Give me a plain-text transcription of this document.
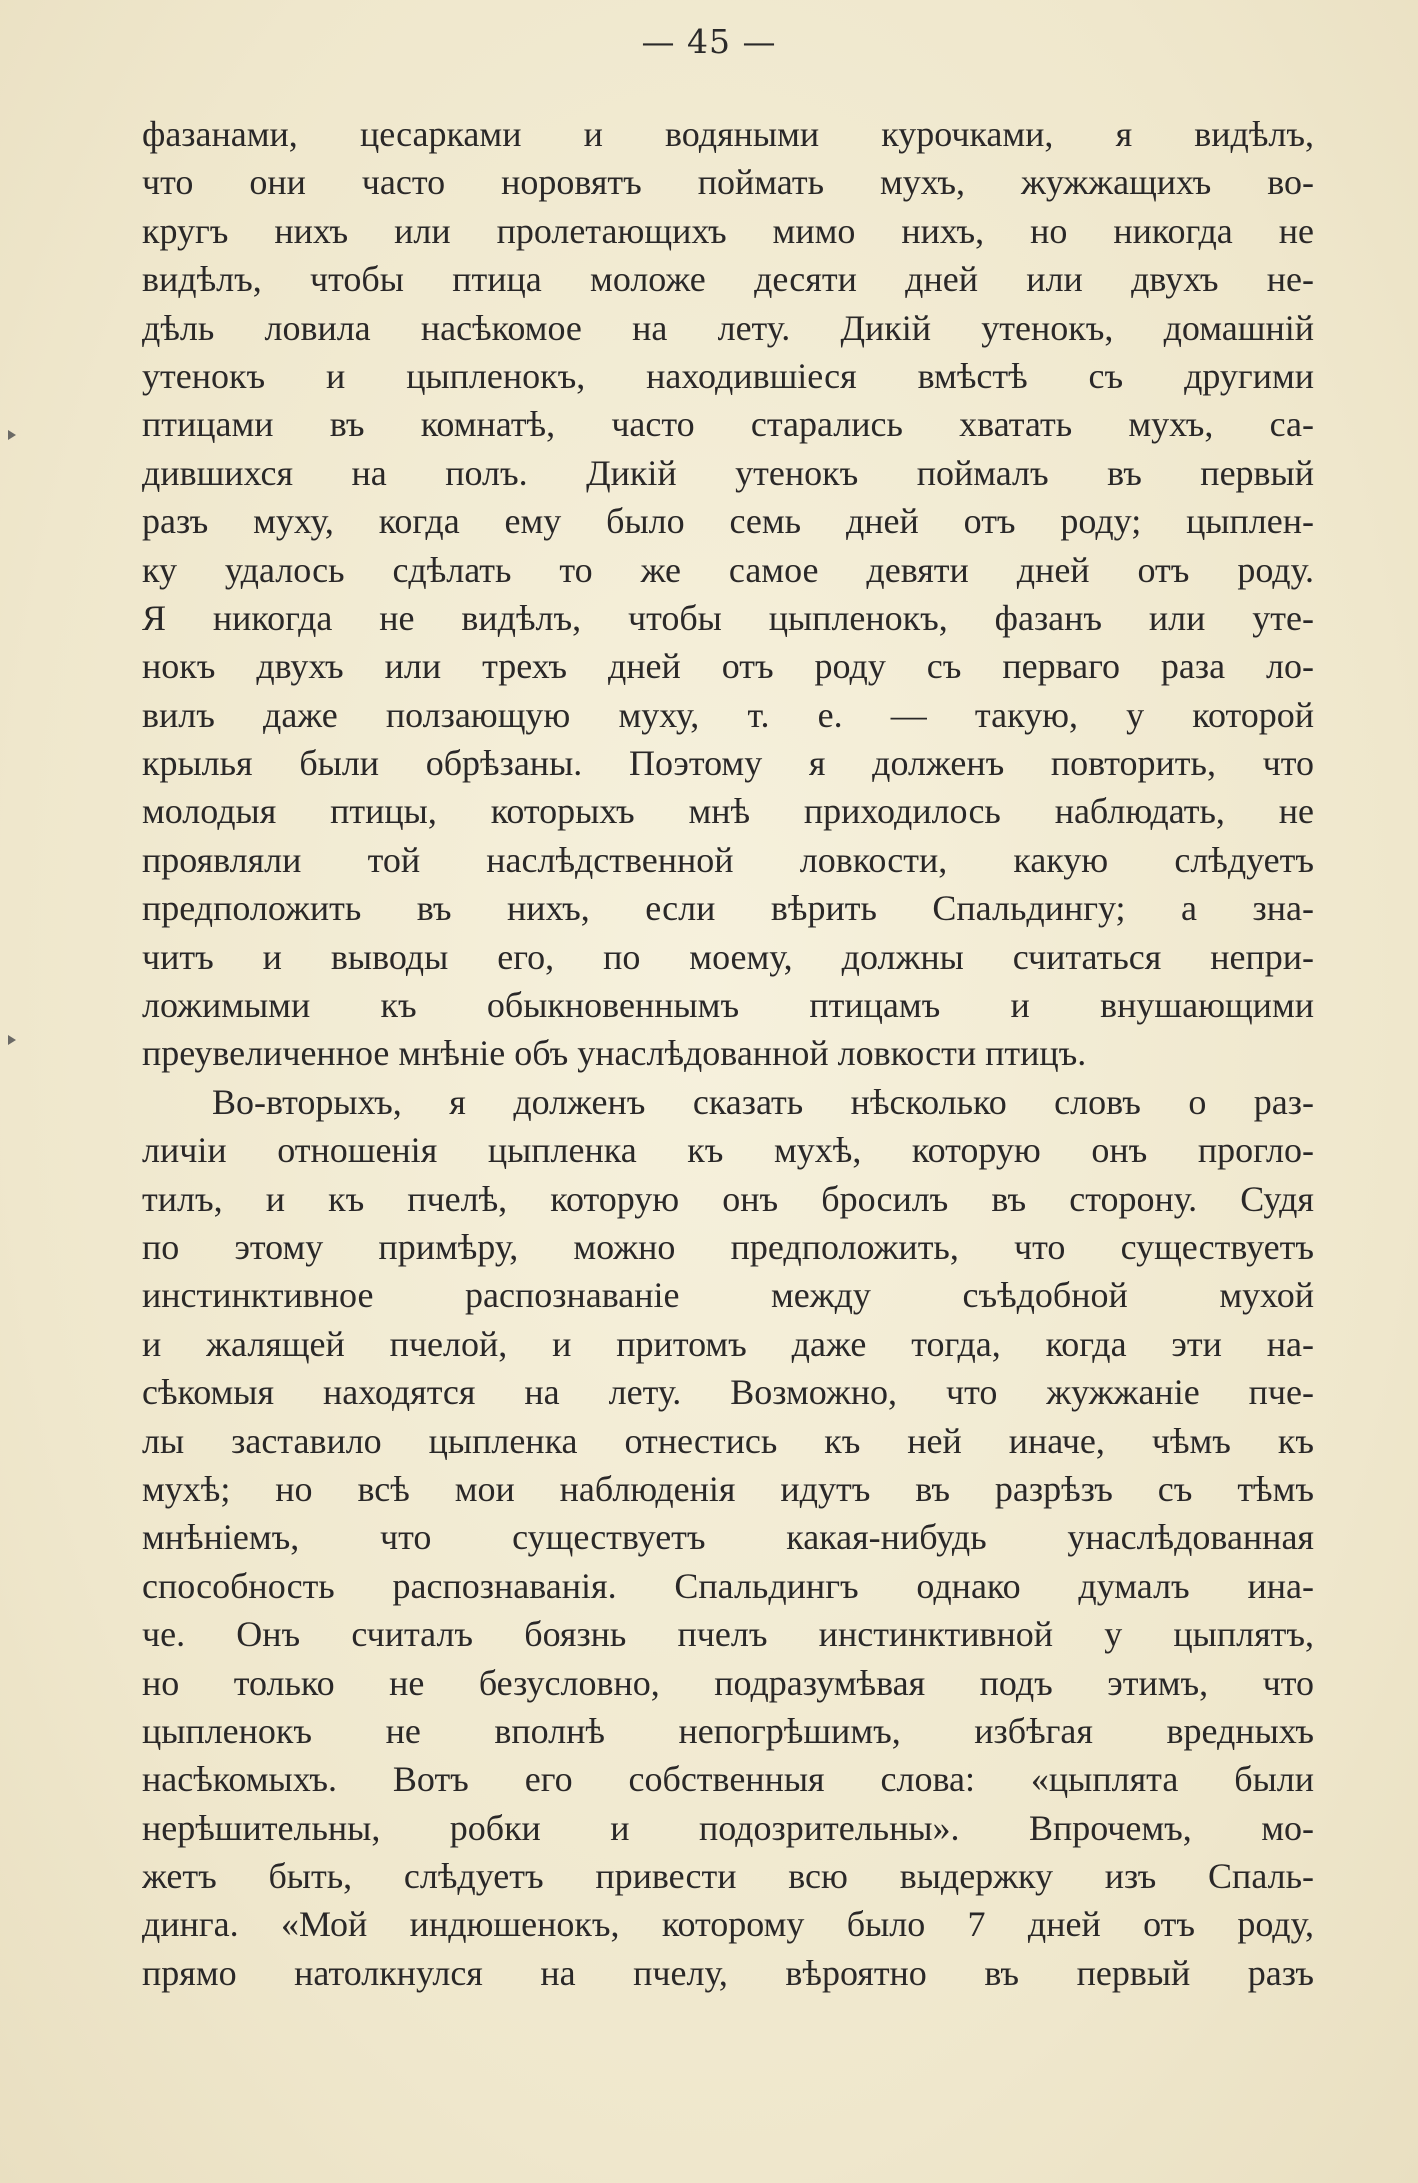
— 45 —
фазанами, цесарками и водяными курочками, я видѣлъ,
что они часто норовятъ поймать мухъ, жужжащихъ во-
кругъ нихъ или пролетающихъ мимо нихъ, но никогда не
видѣлъ, чтобы птица моложе десяти дней или двухъ не-
дѣль ловила насѣкомое на лету. Дикій утенокъ, домашній
утенокъ и цыпленокъ, находившіеся вмѣстѣ съ другими
птицами въ комнатѣ, часто старались хватать мухъ, са-
дившихся на полъ. Дикій утенокъ поймалъ въ первый
разъ муху, когда ему было семь дней отъ роду; цыплен-
ку удалось сдѣлать то же самое девяти дней отъ роду.
Я никогда не видѣлъ, чтобы цыпленокъ, фазанъ или уте-
нокъ двухъ или трехъ дней отъ роду съ перваго раза ло-
вилъ даже ползающую муху, т. е. — такую, у которой
крылья были обрѣзаны. Поэтому я долженъ повторить, что
молодыя птицы, которыхъ мнѣ приходилось наблюдать, не
проявляли той наслѣдственной ловкости, какую слѣдуетъ
предположить въ нихъ, если вѣрить Спальдингу; а зна-
читъ и выводы его, по моему, должны считаться непри-
ложимыми къ обыкновеннымъ птицамъ и внушающими
преувеличенное мнѣніе объ унаслѣдованной ловкости птицъ.
Во-вторыхъ, я долженъ сказать нѣсколько словъ о раз-
личіи отношенія цыпленка къ мухѣ, которую онъ прогло-
тилъ, и къ пчелѣ, которую онъ бросилъ въ сторону. Судя
по этому примѣру, можно предположить, что существуетъ
инстинктивное распознаваніе между съѣдобной мухой
и жалящей пчелой, и притомъ даже тогда, когда эти на-
сѣкомыя находятся на лету. Возможно, что жужжаніе пче-
лы заставило цыпленка отнестись къ ней иначе, чѣмъ къ
мухѣ; но всѣ мои наблюденія идутъ въ разрѣзъ съ тѣмъ
мнѣніемъ, что существуетъ какая-нибудь унаслѣдованная
способность распознаванія. Спальдингъ однако думалъ ина-
че. Онъ считалъ боязнь пчелъ инстинктивной у цыплятъ,
но только не безусловно, подразумѣвая подъ этимъ, что
цыпленокъ не вполнѣ непогрѣшимъ, избѣгая вредныхъ
насѣкомыхъ. Вотъ его собственныя слова: «цыплята были
нерѣшительны, робки и подозрительны». Впрочемъ, мо-
жетъ быть, слѣдуетъ привести всю выдержку изъ Спаль-
динга. «Мой индюшенокъ, которому было 7 дней отъ роду,
прямо натолкнулся на пчелу, вѣроятно въ первый разъ
